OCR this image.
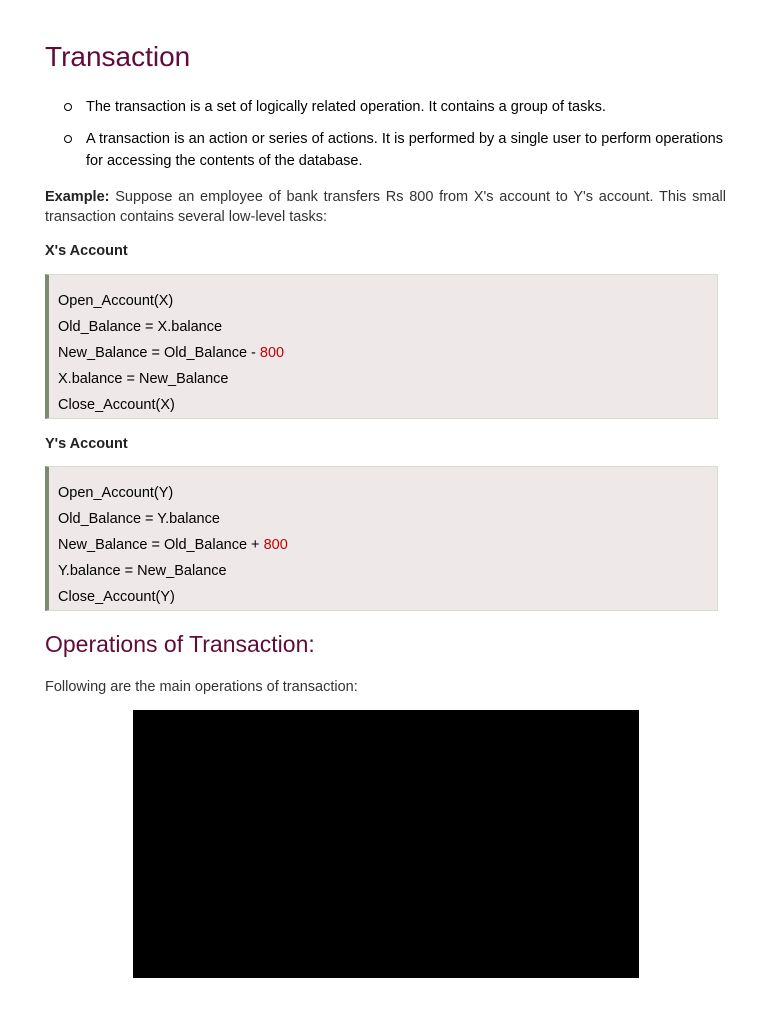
Transaction
The transaction is a set of logically related operation. It contains a group of tasks.
A transaction is an action or series of actions. It is performed by a single user to perform operations for accessing the contents of the database.

Example: Suppose an employee of bank transfers Rs 800 from X's account to Y's account. This small transaction contains several low-level tasks:

X's Account
Open_Account(X)
Old_Balance = X.balance
New_Balance = Old_Balance - 800
X.balance = New_Balance
Close_Account(X)
Y's Account
Open_Account(Y)
Old_Balance = Y.balance
New_Balance = Old_Balance + 800
Y.balance = New_Balance
Close_Account(Y)
Operations of Transaction:

Following are the main operations of transaction:
